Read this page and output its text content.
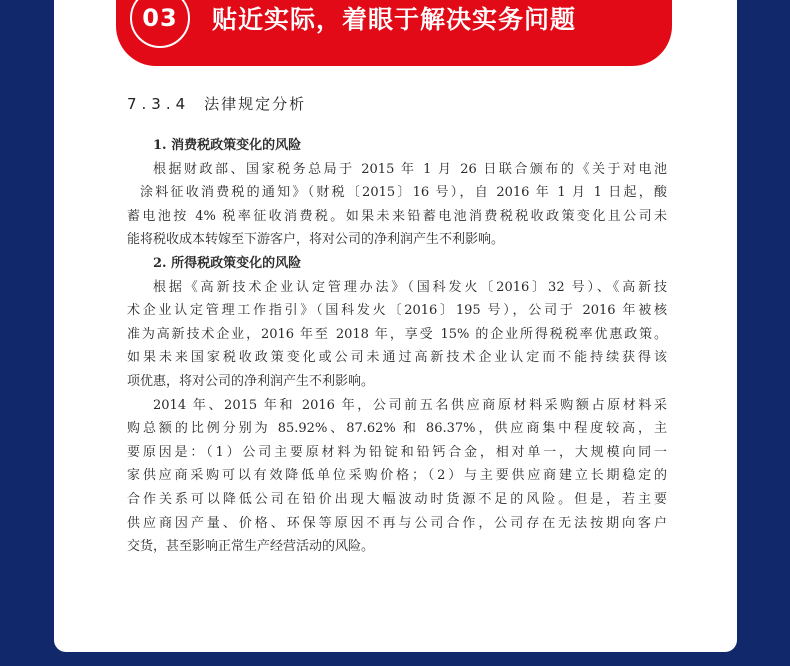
03	贴近实际，着眼于解决实务问题
7.3.4 法律规定分析

1. 消费税政策变化的风险

根据财政部、国家税务总局于 2015 年 1 月 26 日联合颁布的《关于对电池
涂料征收消费税的通知》（财税〔2015〕16 号），自 2016 年 1 月 1 日起，酸
蓄电池按 4% 税率征收消费税。如果未来铅蓄电池消费税税收政策变化且公司未
能将税收成本转嫁至下游客户，将对公司的净利润产生不利影响。

2. 所得税政策变化的风险

根据《高新技术企业认定管理办法》（国科发火〔2016〕32 号）、《高新技
术企业认定管理工作指引》（国科发火〔2016〕195 号），公司于 2016 年被核
准为高新技术企业，2016 年至 2018 年，享受 15% 的企业所得税税率优惠政策。
如果未来国家税收政策变化或公司未通过高新技术企业认定而不能持续获得该
项优惠，将对公司的净利润产生不利影响。

2014 年、2015 年和 2016 年，公司前五名供应商原材料采购额占原材料采
购总额的比例分别为 85.92%、87.62% 和 86.37%，供应商集中程度较高，主
要原因是：（1）公司主要原材料为铅锭和铅钙合金，相对单一，大规模向同一
家供应商采购可以有效降低单位采购价格；（2）与主要供应商建立长期稳定的
合作关系可以降低公司在铅价出现大幅波动时货源不足的风险。但是，若主要
供应商因产量、价格、环保等原因不再与公司合作，公司存在无法按期向客户
交货，甚至影响正常生产经营活动的风险。
